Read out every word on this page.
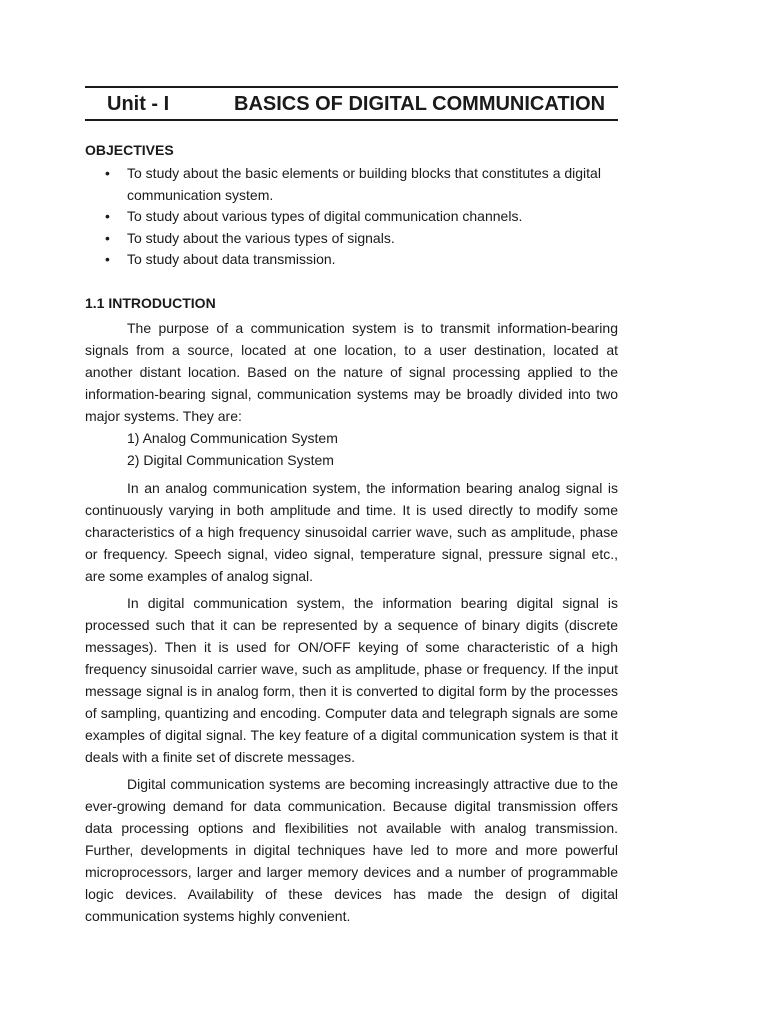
Unit - I	BASICS OF DIGITAL COMMUNICATION
OBJECTIVES
• To study about the basic elements or building blocks that constitutes a digital communication system.
• To study about various types of digital communication channels.
• To study about the various types of signals.
• To study about data transmission.
1.1 INTRODUCTION

The purpose of a communication system is to transmit information-bearing signals from a source, located at one location, to a user destination, located at another distant location. Based on the nature of signal processing applied to the information-bearing signal, communication systems may be broadly divided into two major systems. They are:

1) Analog Communication System
2) Digital Communication System

In an analog communication system, the information bearing analog signal is continuously varying in both amplitude and time. It is used directly to modify some characteristics of a high frequency sinusoidal carrier wave, such as amplitude, phase or frequency. Speech signal, video signal, temperature signal, pressure signal etc., are some examples of analog signal.

In digital communication system, the information bearing digital signal is processed such that it can be represented by a sequence of binary digits (discrete messages). Then it is used for ON/OFF keying of some characteristic of a high frequency sinusoidal carrier wave, such as amplitude, phase or frequency. If the input message signal is in analog form, then it is converted to digital form by the processes of sampling, quantizing and encoding. Computer data and telegraph signals are some examples of digital signal. The key feature of a digital communication system is that it deals with a finite set of discrete messages.

Digital communication systems are becoming increasingly attractive due to the ever-growing demand for data communication. Because digital transmission offers data processing options and flexibilities not available with analog transmission. Further, developments in digital techniques have led to more and more powerful microprocessors, larger and larger memory devices and a number of programmable logic devices. Availability of these devices has made the design of digital communication systems highly convenient.
